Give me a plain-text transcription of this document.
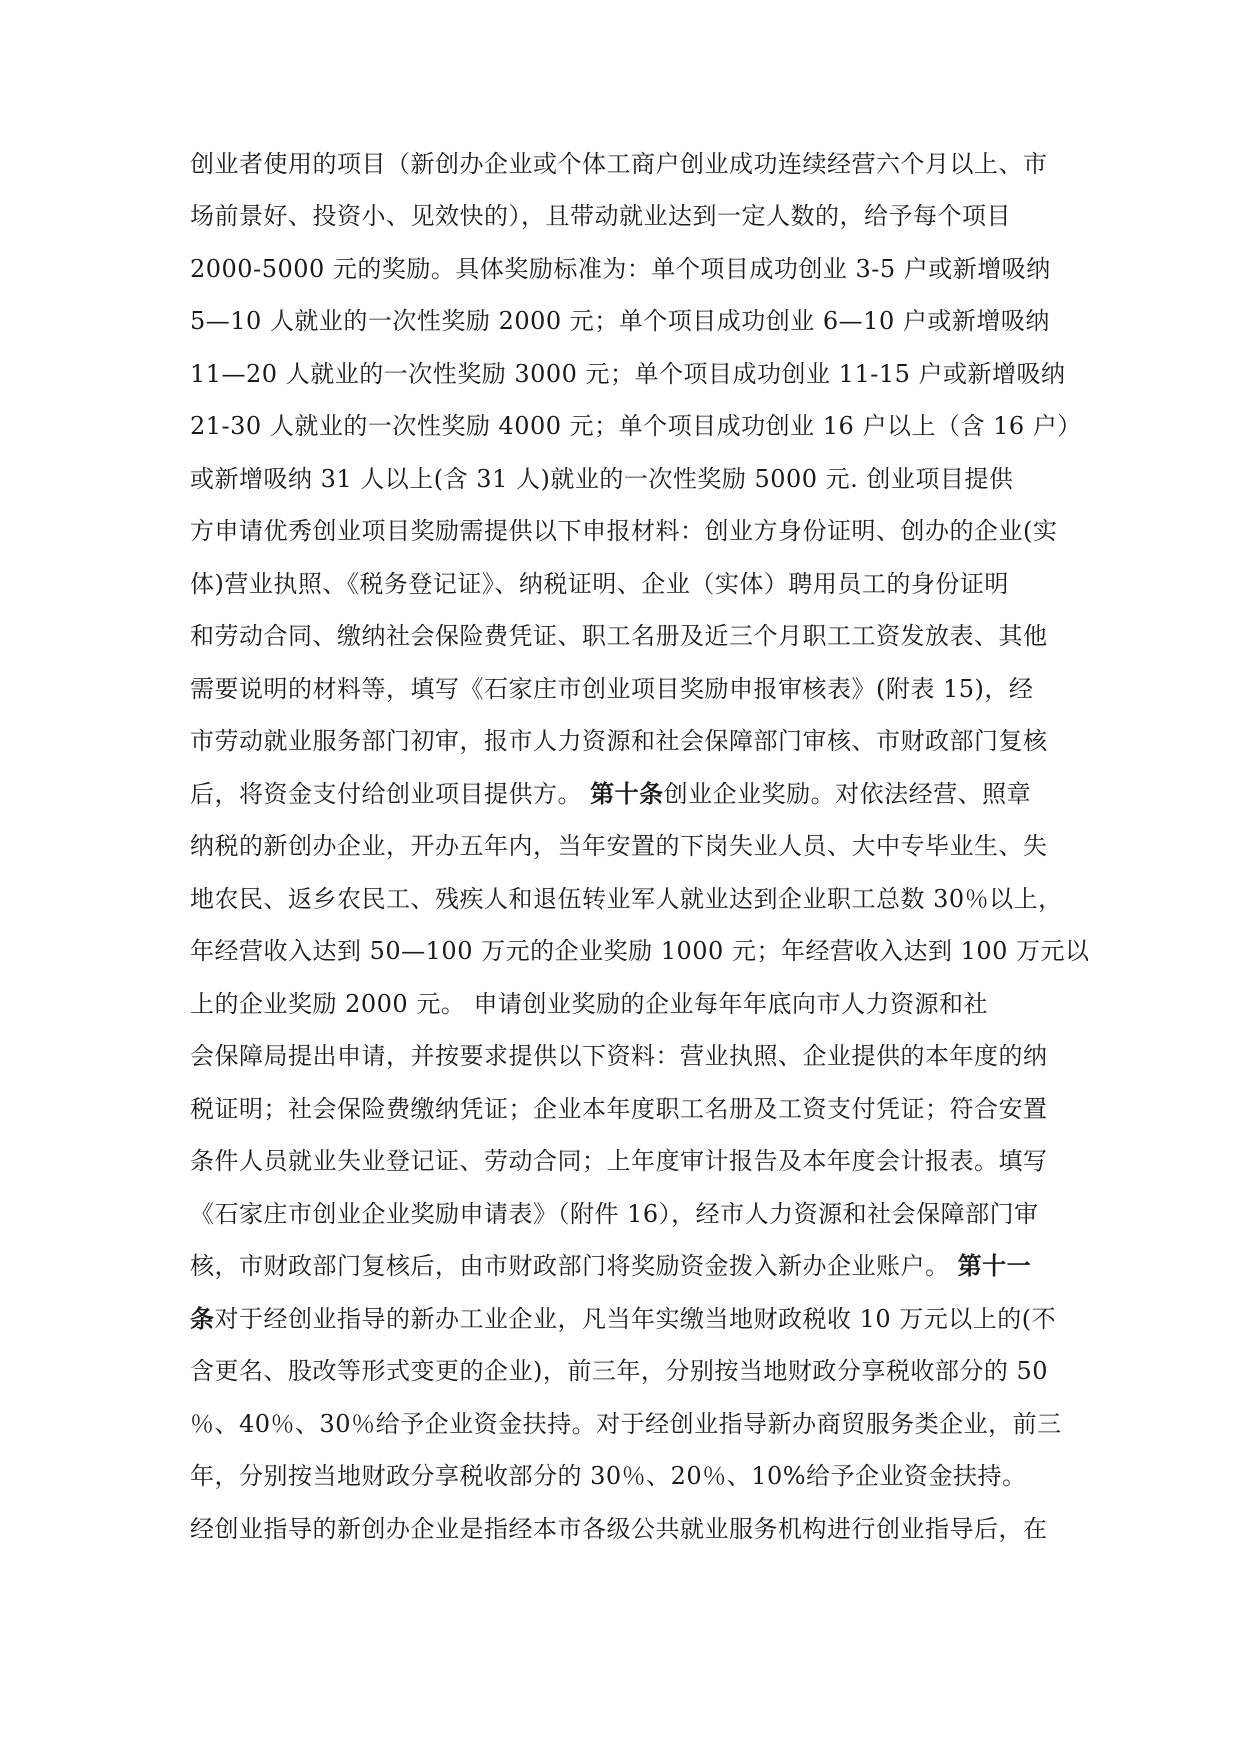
创业者使用的项目（新创办企业或个体工商户创业成功连续经营六个月以上、市
场前景好、投资小、见效快的），且带动就业达到一定人数的，给予每个项目
2000-5000 元的奖励。具体奖励标准为：单个项目成功创业 3-5 户或新增吸纳
5—10 人就业的一次性奖励 2000 元；单个项目成功创业 6—10 户或新增吸纳
11—20 人就业的一次性奖励 3000 元；单个项目成功创业 11-15 户或新增吸纳
21-30 人就业的一次性奖励 4000 元；单个项目成功创业 16 户以上（含 16 户）
或新增吸纳 31 人以上(含 31 人)就业的一次性奖励 5000 元. 创业项目提供
方申请优秀创业项目奖励需提供以下申报材料：创业方身份证明、创办的企业(实
体)营业执照、《税务登记证》、纳税证明、企业（实体）聘用员工的身份证明
和劳动合同、缴纳社会保险费凭证、职工名册及近三个月职工工资发放表、其他
需要说明的材料等，填写《石家庄市创业项目奖励申报审核表》(附表 15)，经
市劳动就业服务部门初审，报市人力资源和社会保障部门审核、市财政部门复核
后，将资金支付给创业项目提供方。 第十条创业企业奖励。对依法经营、照章
纳税的新创办企业，开办五年内，当年安置的下岗失业人员、大中专毕业生、失
地农民、返乡农民工、残疾人和退伍转业军人就业达到企业职工总数 30％以上，
年经营收入达到 50—100 万元的企业奖励 1000 元；年经营收入达到 100 万元以
上的企业奖励 2000 元。 申请创业奖励的企业每年年底向市人力资源和社
会保障局提出申请，并按要求提供以下资料：营业执照、企业提供的本年度的纳
税证明；社会保险费缴纳凭证；企业本年度职工名册及工资支付凭证；符合安置
条件人员就业失业登记证、劳动合同；上年度审计报告及本年度会计报表。填写
《石家庄市创业企业奖励申请表》（附件 16），经市人力资源和社会保障部门审
核，市财政部门复核后，由市财政部门将奖励资金拨入新办企业账户。 第十一
条对于经创业指导的新办工业企业，凡当年实缴当地财政税收 10 万元以上的(不
含更名、股改等形式变更的企业)，前三年，分别按当地财政分享税收部分的 50
％、40％、30％给予企业资金扶持。对于经创业指导新办商贸服务类企业，前三
年，分别按当地财政分享税收部分的 30％、20％、10%给予企业资金扶持。
经创业指导的新创办企业是指经本市各级公共就业服务机构进行创业指导后，在
